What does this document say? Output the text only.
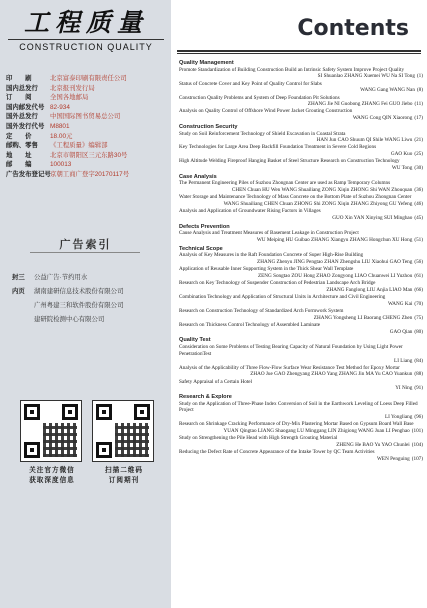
工程质量
CONSTRUCTION QUALITY
印　　刷	北京富泰印刷有限责任公司
国内总发行	北京报刊发行局
订　　阅	全国各地邮局
国内邮发代号 82-934
国外总发行	中国国际图书贸易总公司
国外发行代号 M8801
定　　价	18.00元
邮购、零售	《工程质量》编辑部
地　　址	北京市朝阳区三元东路30号
邮　　编	100013
广告发布登记号 京朝工商广登字20170117号
广告索引
封三	公益广告·节约用水
内页	湖南建研信息技术股份有限公司
广州粤建三和软件股份有限公司
建研院检测中心有限公司
关注官方微信
获取深度信息
扫描二维码
订阅期刊
Contents
Quality Management
Promote Standardization of Building Construction Build an Intrinsic Safety System Improve Project Quality
SI Shuanlao ZHANG Xuemei WU Na SI Tong (1)
Status of Concrete Cover and Key Point of Quality Control for Slabs
WANG Gang WANG Nan (8)
Construction Quality Problems and System of Deep Foundation Pit Solutions
ZHANG Jie NI Guobong ZHANG Fei GUO Jiebo (11)
Analysis on Quality Control of Offshore Wind Power Jacket Grouting Construction
WANG Cong QIN Xiaorong (17)
Construction Security
Study on Soil Reinforcement Technology of Shield Excavation in Coastal Strata
HAN Jun CAO Shuum QI Shile WANG Liwu (21)
Key Technologies for Large Area Deep Backfill Foundation Treatment in Severe Cold Regions
GAO Kuo (25)
High Altitude Welding Fireproof Hanging Basket of Steel Structure Research on Construction Technology
WU Tong (30)
Case Analysis
The Permanent Engineering Piles of Suzhou Zhongnan Center are used as Ramp Temporary Columns
CHEN Chuan HU Wen WANG Shuailiang ZONG Xiqin ZHONG Shi WAN Zhouquan (36)
Water Storage and Maintenance Technology of Mass Concrete on the Bottom Plate of Suzhou Zhongnan Center
WANG Shuailiang CHEN Chuan ZHONG Shi ZONG Xiqin ZHANG Zhiyong GU Yefeng (46)
Analysis and Application of Groundwater Rising Factors in Villages
GUO Xin YAN Xinying SUI Minghao (45)
Defects Prevention
Cause Analysis and Treatment Measures of Basement Leakage in Construction Project
WU Meiping HU Guibao ZHANG Xiangyu ZHANG Hongchun XU Hong (51)
Technical Scope
Analysis of Key Measures in the Raft Foundation Concrete of Super High-Rise Building
ZHANG Zhenyu JING Pengtao ZHAN Zhengshu LIU Xiaohui GAO Teng (56)
Application of Reusable Inner Supporting System in the Thick Shear Wall Template
ZENG Songtao ZOU Hong ZHAO Zongyong LIAO Chuanwei LI Yuzhou (61)
Research on Key Technology of Suspender Construction of Pedestrian Landscape Arch Bridge
ZHANG Fanglong LIU Anjia LIAO Man (66)
Combination Technology and Application of Structural Units in Architecture and Civil Engineering
WANG Kai (70)
Research on Construction Technology of Standardized Arch Formwork System
ZHANG Yongsheng LI Baorang CHENG Zhen (75)
Research on Thickness Control Technology of Assembled Laminate
GAO Qian (80)
Quality Test
Consideration on Some Problems of Testing Bearing Capacity of Natural Foundation by Using Light Power PenetrationTest
LI Liang (84)
Analysis of the Applicability of Three Flow-Flow Surface Wear Resistance Test Method for Epoxy Mortar
ZHAO Jue GAO Zhengyang ZHAO Yang ZHANG Jin MA Yu CAO Yuankun (88)
Safety Appraisal of a Certain Hotel
YI Ning (91)
Research & Explore
Study on the Application of Three-Phase Index Conversion of Soil in the Earthwork Leveling of Loess Deep Filled Project
LI Yongliang (96)
Research on Shrinkage Cracking Performance of Dry-Mix Plastering Mortar Based on Gypsum Board Wall Base
YUAN Qingtao LIANG Shaogang LU Minggang LIN Zhigiong WANG Juan LI Penghao (101)
Study on Strengthening the Pile Head with High Strength Grouting Material
ZHENG He BAO Yu YAO Chunlei (104)
Reducing the Defect Rate of Concrete Appearance of the Intake Tower by QC Team Activities
WEN Penguing (107)
